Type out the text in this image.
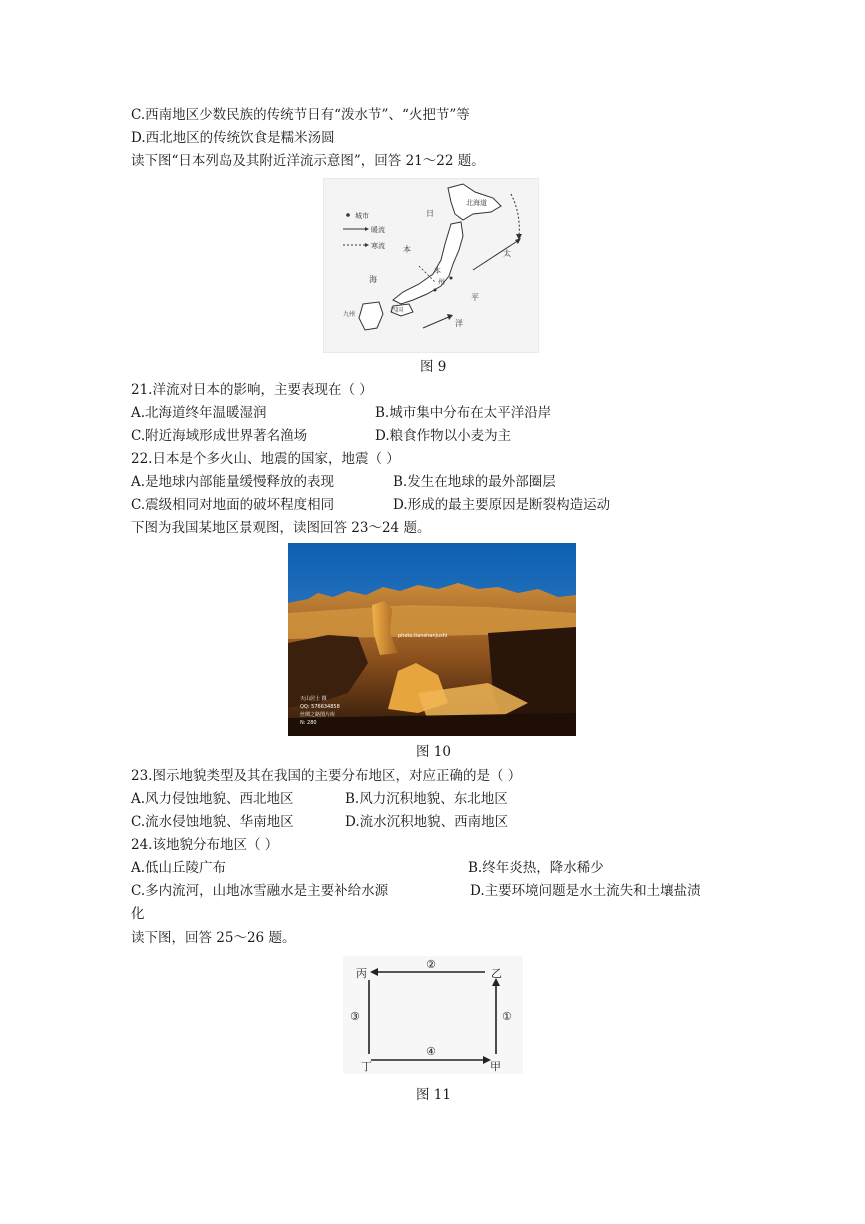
C.西南地区少数民族的传统节日有“泼水节”、“火把节”等
D.西北地区的传统饮食是糯米汤圆
读下图“日本列岛及其附近洋流示意图”，回答 21～22 题。
城市
暖流
寒流
北海道
本
州
四国
九州
日
本
海
太
平
洋
图 9
21.洋流对日本的影响，主要表现在（ ）
A.北海道终年温暖湿润	B.城市集中分布在太平洋沿岸
C.附近海域形成世界著名渔场	D.粮食作物以小麦为主
22.日本是个多火山、地震的国家，地震（ ）
A.是地球内部能量缓慢释放的表现	B.发生在地球的最外部圈层
C.震级相同对地面的破坏程度相同	D.形成的最主要原因是断裂构造运动
下图为我国某地区景观图，读图回答 23～24 题。
photo.tianshanjushi
天山居士 摄
QQ: 576634858
丝绸之路图片库
N: 280
图 10
23.图示地貌类型及其在我国的主要分布地区，对应正确的是（ ）
A.风力侵蚀地貌、西北地区	B.风力沉积地貌、东北地区
C.流水侵蚀地貌、华南地区	D.流水沉积地貌、西南地区
24.该地貌分布地区（ ）
A.低山丘陵广布	B.终年炎热，降水稀少
C.多内流河，山地冰雪融水是主要补给水源	D.主要环境问题是水土流失和土壤盐渍
化
读下图，回答 25～26 题。
丙	乙
丁	甲
②
④
③	①
图 11
